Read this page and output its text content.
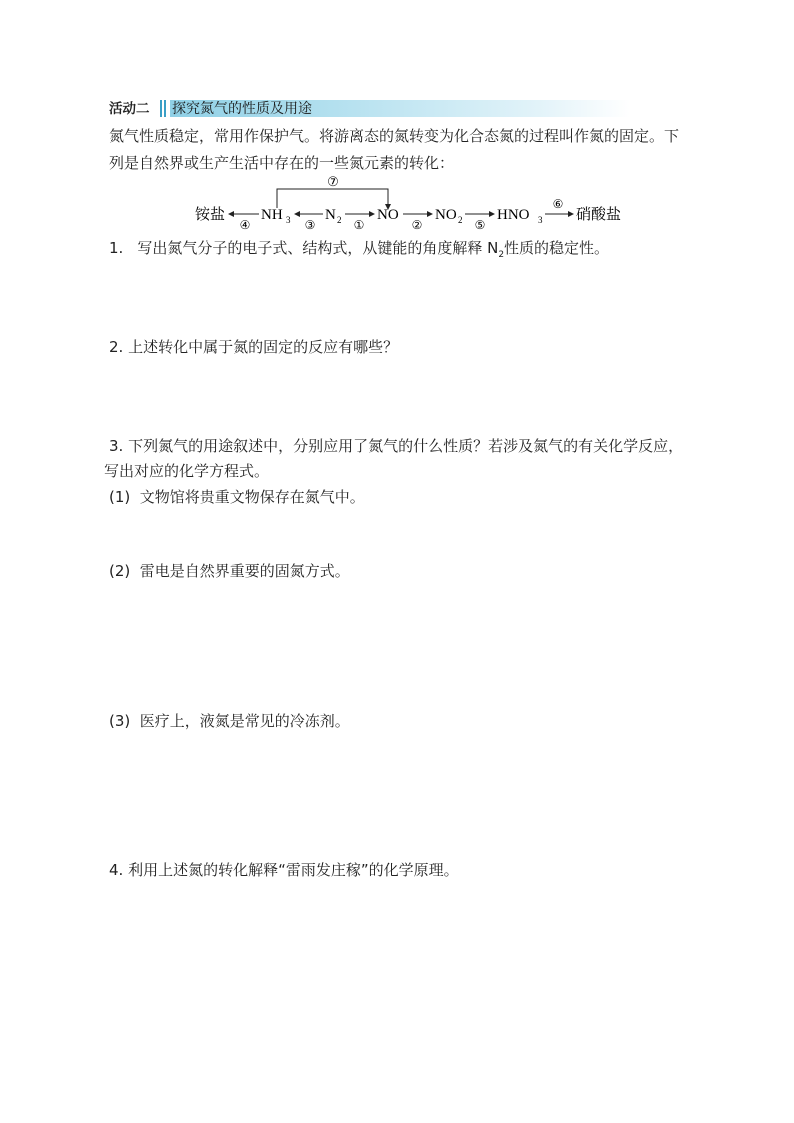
活动二 探究氮气的性质及用途
氮气性质稳定，常用作保护气。将游离态的氮转变为化合态氮的过程叫作氮的固定。下
列是自然界或生产生活中存在的一些氮元素的转化：
⑦
铵盐 NH 3 N 2 NO NO 2 HNO 3 硝酸盐
④	③	①	②	⑤
⑥
1. 写出氮气分子的电子式、结构式，从键能的角度解释 $N_2$性质的稳定性。
2. 上述转化中属于氮的固定的反应有哪些？
3. 下列氮气的用途叙述中，分别应用了氮气的什么性质？若涉及氮气的有关化学反应，
写出对应的化学方程式。
(1) 文物馆将贵重文物保存在氮气中。
(2) 雷电是自然界重要的固氮方式。
(3) 医疗上，液氮是常见的冷冻剂。
4. 利用上述氮的转化解释“雷雨发庄稼”的化学原理。
